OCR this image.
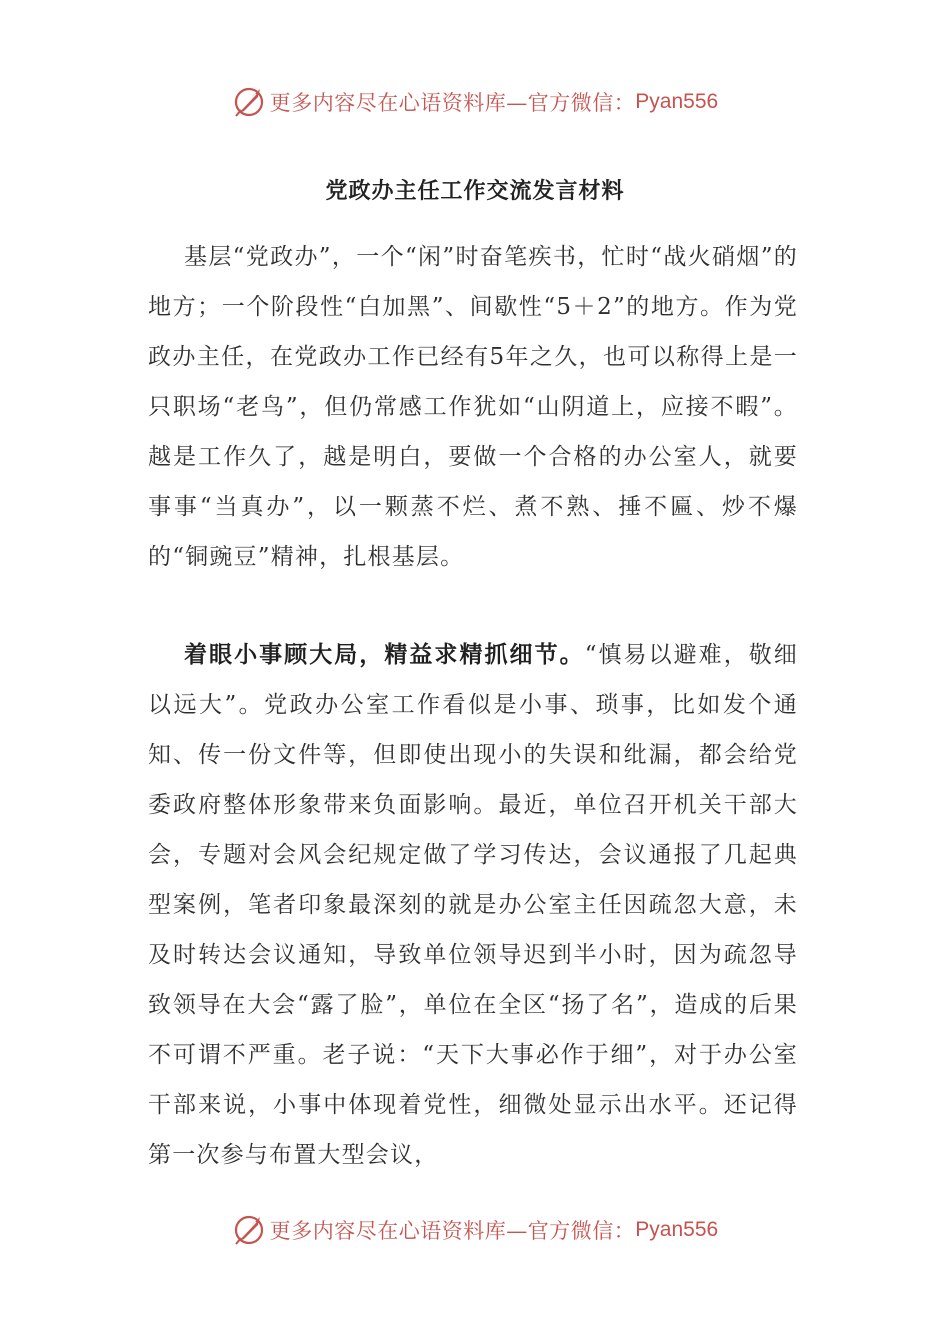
更多内容尽在心语资料库—官方微信： Pyan556
党政办主任工作交流发言材料

基层“党政办”，一个“闲”时奋笔疾书，忙时“战火硝烟”的地方；一个阶段性“白加黑”、间歇性“5＋2”的地方。作为党政办主任，在党政办工作已经有5年之久，也可以称得上是一只职场“老鸟”，但仍常感工作犹如“山阴道上，应接不暇”。越是工作久了，越是明白，要做一个合格的办公室人，就要事事“当真办”，以一颗蒸不烂、煮不熟、捶不匾、炒不爆的“铜豌豆”精神，扎根基层。

着眼小事顾大局，精益求精抓细节。“慎易以避难，敬细以远大”。党政办公室工作看似是小事、琐事，比如发个通知、传一份文件等，但即使出现小的失误和纰漏，都会给党委政府整体形象带来负面影响。最近，单位召开机关干部大会，专题对会风会纪规定做了学习传达，会议通报了几起典型案例，笔者印象最深刻的就是办公室主任因疏忽大意，未及时转达会议通知，导致单位领导迟到半小时，因为疏忽导致领导在大会“露了脸”，单位在全区“扬了名”，造成的后果不可谓不严重。老子说：“天下大事必作于细”，对于办公室干部来说，小事中体现着党性，细微处显示出水平。还记得第一次参与布置大型会议，

更多内容尽在心语资料库—官方微信： Pyan556
